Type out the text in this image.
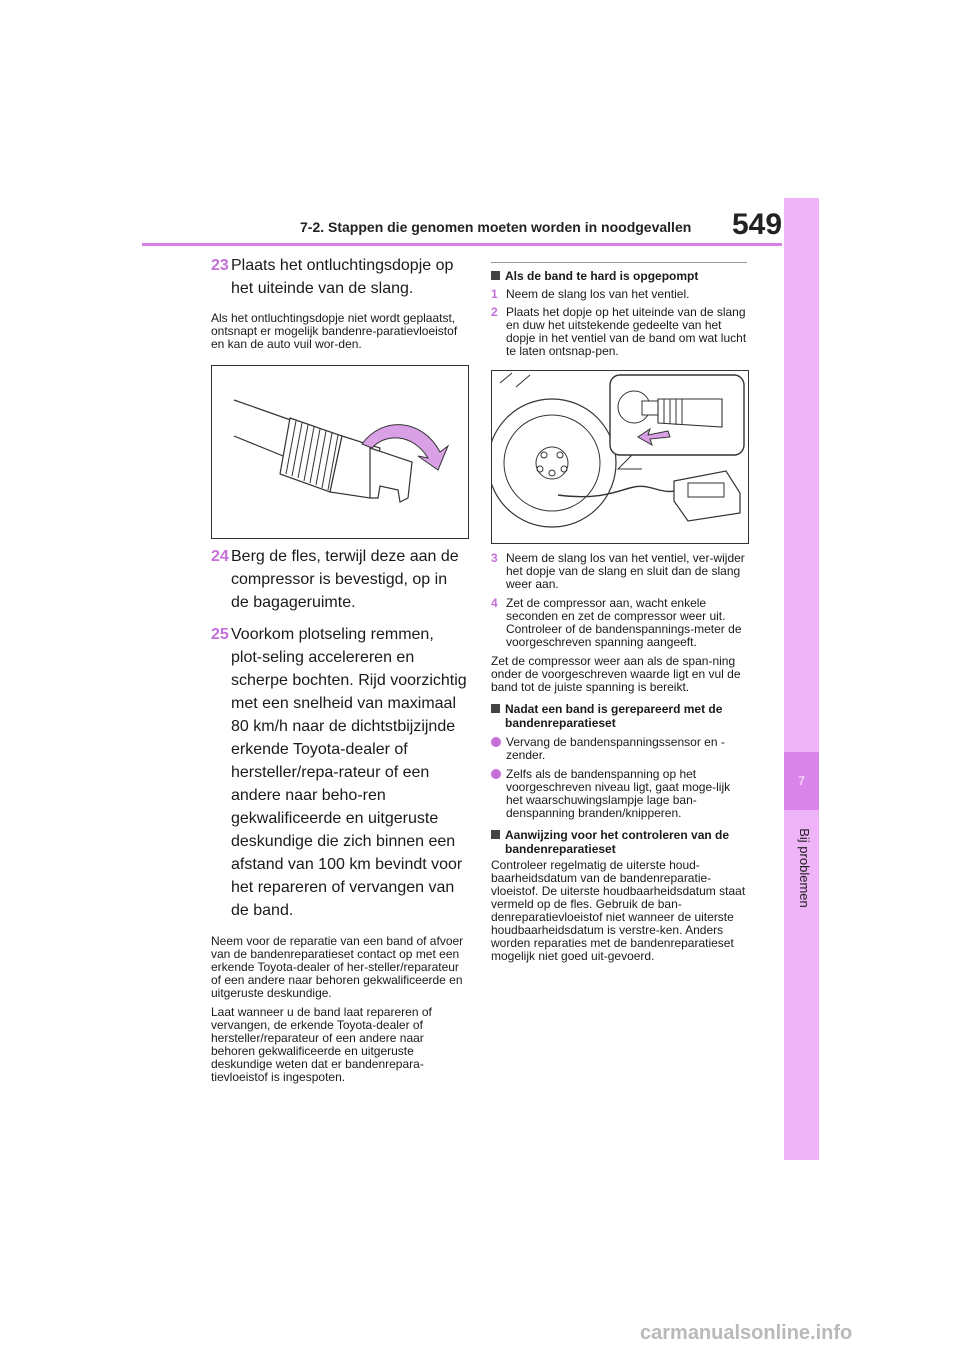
7-2. Stappen die genomen moeten worden in noodgevallen 549
7
Bij problemen

23 Plaats het ontluchtingsdopje op het uiteinde van de slang.

Als het ontluchtingsdopje niet wordt geplaatst, ontsnapt er mogelijk bandenre-paratievloeistof en kan de auto vuil wor-den.

24 Berg de fles, terwijl deze aan de compressor is bevestigd, op in de bagageruimte.

25 Voorkom plotseling remmen, plot-seling accelereren en scherpe bochten. Rijd voorzichtig met een snelheid van maximaal 80 km/h naar de dichtstbijzijnde erkende Toyota-dealer of hersteller/repa-rateur of een andere naar beho-ren gekwalificeerde en uitgeruste deskundige die zich binnen een afstand van 100 km bevindt voor het repareren of vervangen van de band.

Neem voor de reparatie van een band of afvoer van de bandenreparatieset contact op met een erkende Toyota-dealer of her-steller/reparateur of een andere naar behoren gekwalificeerde en uitgeruste deskundige.

Laat wanneer u de band laat repareren of vervangen, de erkende Toyota-dealer of hersteller/reparateur of een andere naar behoren gekwalificeerde en uitgeruste deskundige weten dat er bandenrepara-tievloeistof is ingespoten.

Als de band te hard is opgepompt

1 Neem de slang los van het ventiel.

2 Plaats het dopje op het uiteinde van de slang en duw het uitstekende gedeelte van het dopje in het ventiel van de band om wat lucht te laten ontsnap-pen.

3 Neem de slang los van het ventiel, ver-wijder het dopje van de slang en sluit dan de slang weer aan.

4 Zet de compressor aan, wacht enkele seconden en zet de compressor weer uit. Controleer of de bandenspannings-meter de voorgeschreven spanning aangeeft.

Zet de compressor weer aan als de span-ning onder de voorgeschreven waarde ligt en vul de band tot de juiste spanning is bereikt.

Nadat een band is gerepareerd met de bandenreparatieset

Vervang de bandenspanningssensor en -zender.

Zelfs als de bandenspanning op het voorgeschreven niveau ligt, gaat moge-lijk het waarschuwingslampje lage ban-denspanning branden/knipperen.

Aanwijzing voor het controleren van de bandenreparatieset

Controleer regelmatig de uiterste houd-baarheidsdatum van de bandenreparatie-vloeistof. De uiterste houdbaarheidsdatum staat vermeld op de fles. Gebruik de ban-denreparatievloeistof niet wanneer de uiterste houdbaarheidsdatum is verstre-ken. Anders worden reparaties met de bandenreparatieset mogelijk niet goed uit-gevoerd.

carmanualsonline.info
